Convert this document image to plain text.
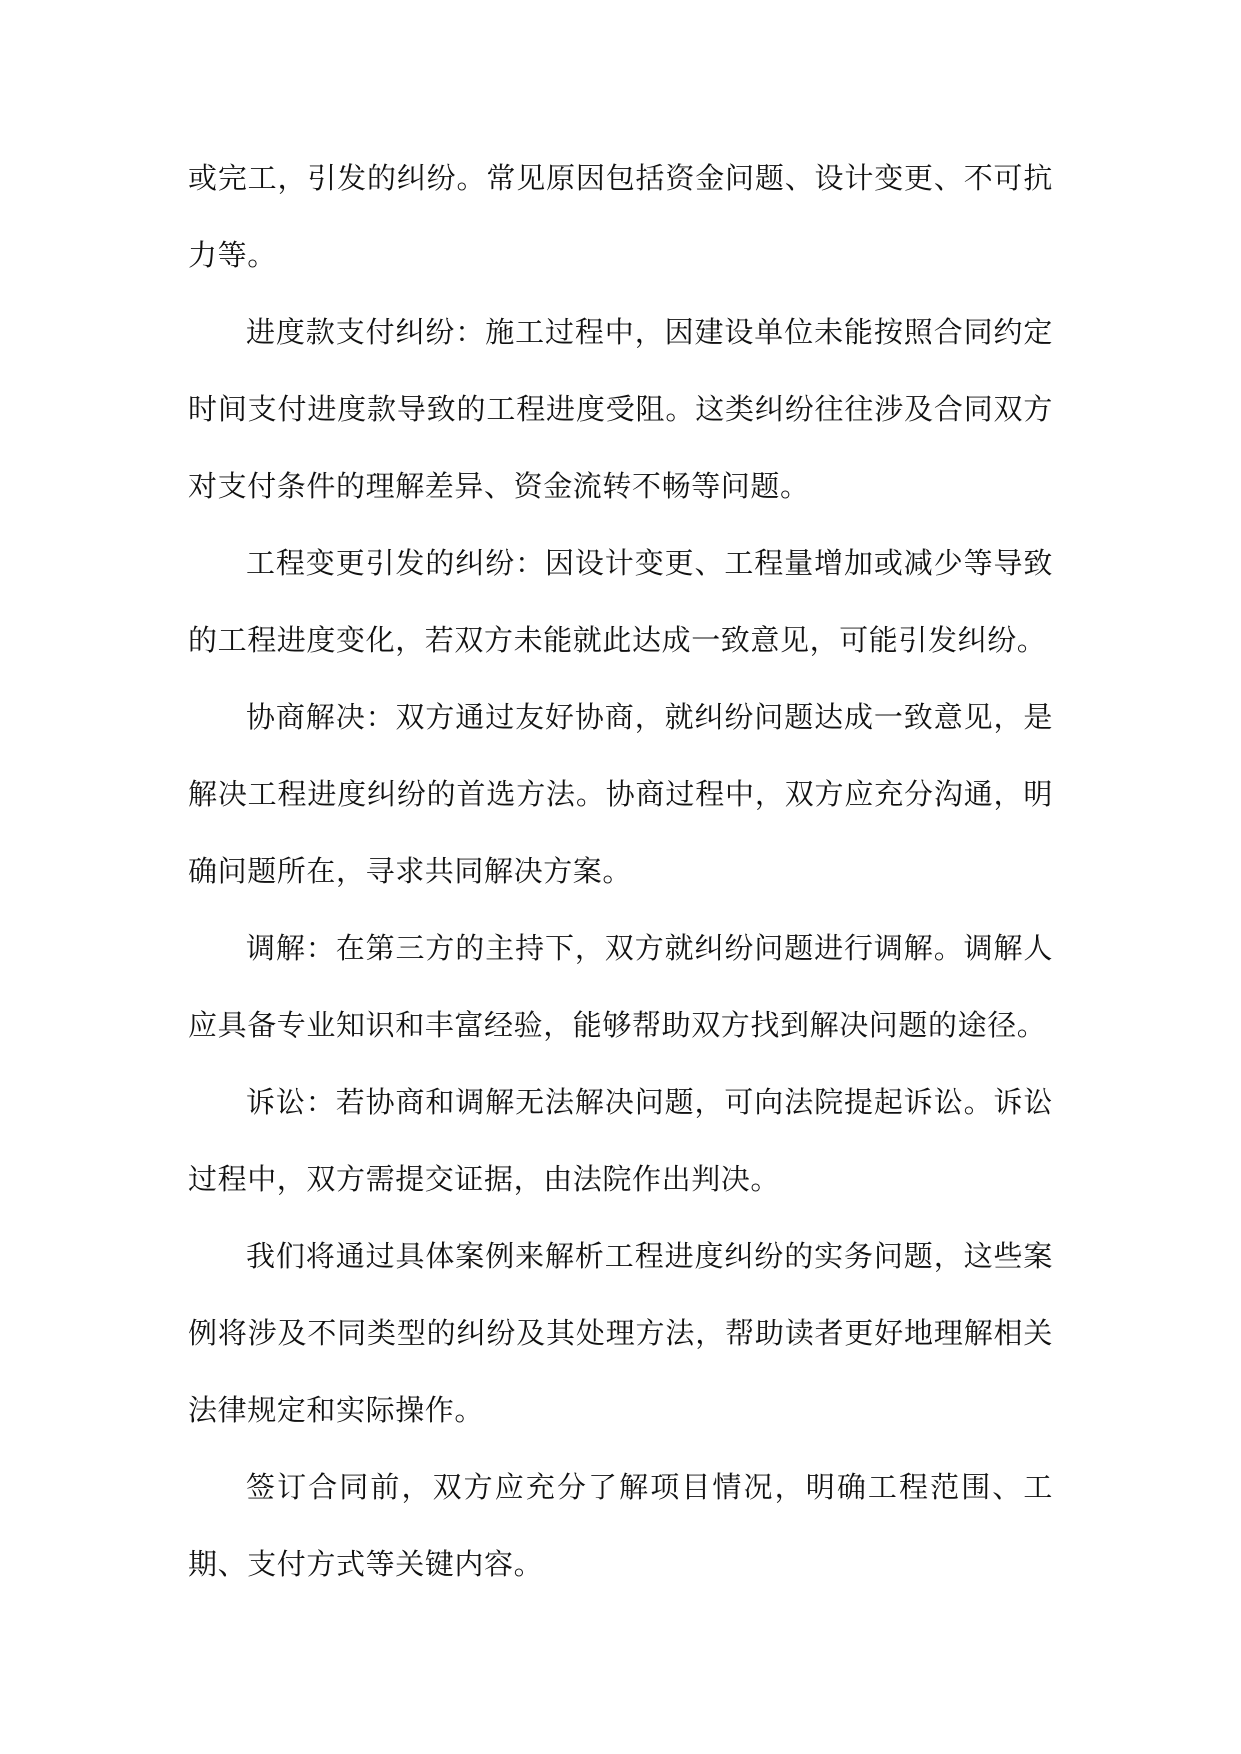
或完工，引发的纠纷。常见原因包括资金问题、设计变更、不可抗力等。

进度款支付纠纷：施工过程中，因建设单位未能按照合同约定时间支付进度款导致的工程进度受阻。这类纠纷往往涉及合同双方对支付条件的理解差异、资金流转不畅等问题。

工程变更引发的纠纷：因设计变更、工程量增加或减少等导致的工程进度变化，若双方未能就此达成一致意见，可能引发纠纷。

协商解决：双方通过友好协商，就纠纷问题达成一致意见，是解决工程进度纠纷的首选方法。协商过程中，双方应充分沟通，明确问题所在，寻求共同解决方案。

调解：在第三方的主持下，双方就纠纷问题进行调解。调解人应具备专业知识和丰富经验，能够帮助双方找到解决问题的途径。

诉讼：若协商和调解无法解决问题，可向法院提起诉讼。诉讼过程中，双方需提交证据，由法院作出判决。

我们将通过具体案例来解析工程进度纠纷的实务问题，这些案例将涉及不同类型的纠纷及其处理方法，帮助读者更好地理解相关法律规定和实际操作。

签订合同前，双方应充分了解项目情况，明确工程范围、工期、支付方式等关键内容。
